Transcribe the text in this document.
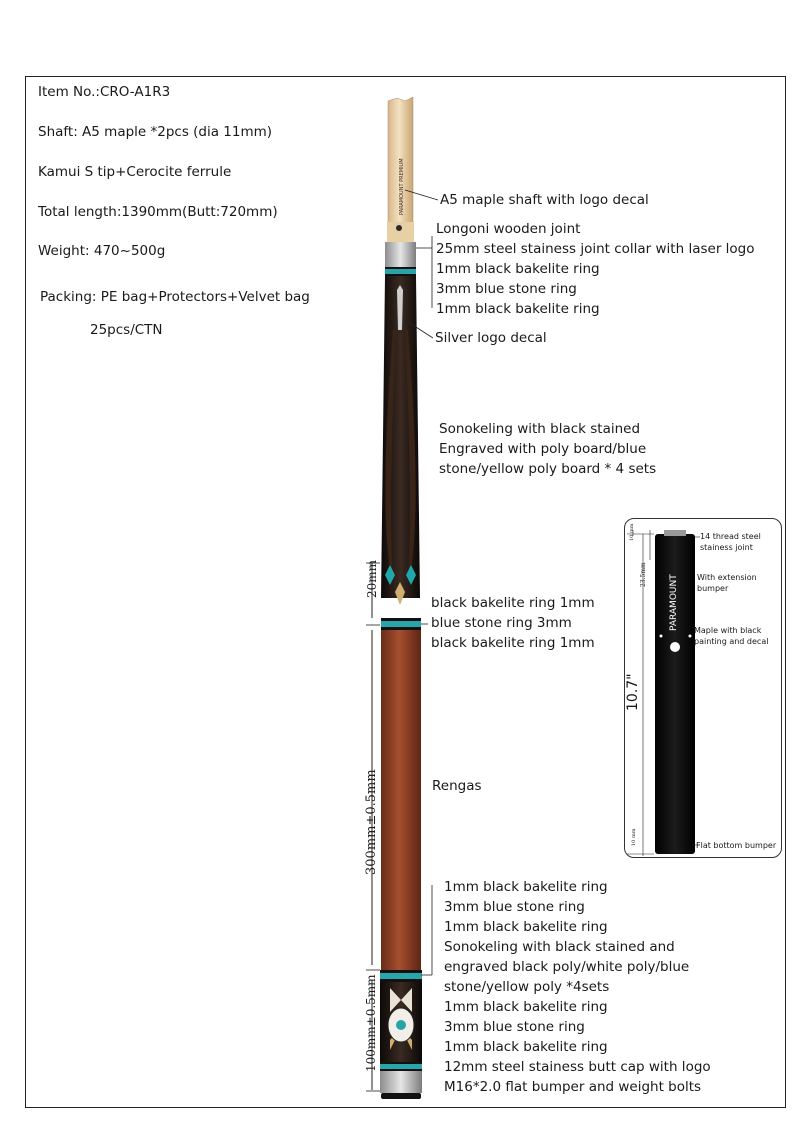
Item No.:CRO-A1R3
Shaft: A5 maple *2pcs (dia 11mm)
Kamui S tip+Cerocite ferrule
Total length:1390mm(Butt:720mm)
Weight: 470~500g
Packing: PE bag+Protectors+Velvet bag
25pcs/CTN
PARAMOUNT PREMIUM
20mm
300mm±0.5mm
100mm±0.5mm
A5 maple shaft with logo decal
Longoni wooden joint
25mm steel stainess joint collar with laser logo
1mm black bakelite ring
3mm blue stone ring
1mm black bakelite ring
Silver logo decal
Sonokeling with black stained
Engraved with poly board/blue
stone/yellow poly board * 4 sets
black bakelite ring 1mm
blue stone ring 3mm
black bakelite ring 1mm
Rengas
1mm black bakelite ring
3mm blue stone ring
1mm black bakelite ring
Sonokeling with black stained and
engraved black poly/white poly/blue
stone/yellow poly *4sets
1mm black bakelite ring
3mm blue stone ring
1mm black bakelite ring
12mm steel stainess butt cap with logo
M16*2.0 flat bumper and weight bolts
14 thread steel
stainess joint
With extension
bumper
Maple with black
painting and decal
Flat bottom bumper
PARAMOUNT
10.7"
10 mm
23.5mm
10 mm
